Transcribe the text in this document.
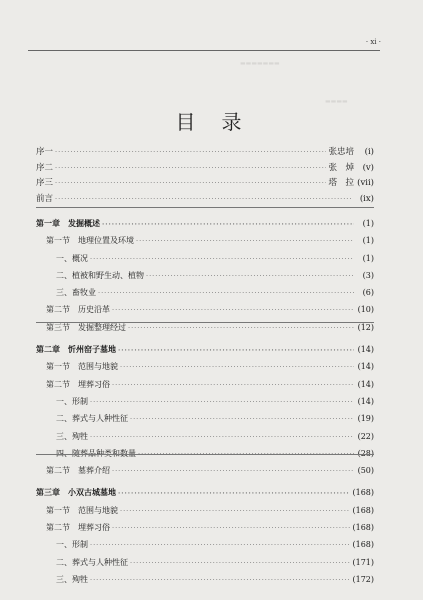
· xi ·
▬▬▬▬▬▬▬
▬▬▬▬
目录
序一 ·····	张忠培	(i)
序二 ·····	张　焯	(v)
序三 ·····	塔　拉 (vii)
前言 ·····	(ix)
第一章　发掘概述 ·····	(1)
第一节　地理位置及环境 ·····	(1)
一、概况 ·····	(1)
二、植被和野生动、植物 ·····	(3)
三、畜牧业 ·····	(6)
第二节　历史沿革 ·····	(10)
第三节　发掘整理经过 ·····	(12)
第二章　忻州窑子墓地 ·····	(14)
第一节　范围与地貌 ·····	(14)
第二节　埋葬习俗 ·····	(14)
一、形制 ·····	(14)
二、葬式与人种性征 ·····	(19)
三、殉牲 ·····	(22)
四、随葬品种类和数量 ·····	(28)
第二节　墓葬介绍 ·····	(50)
第三章　小双古城墓地 ·····	(168)
第一节　范围与地貌 ·····	(168)
第二节　埋葬习俗 ·····	(168)
一、形制 ·····	(168)
二、葬式与人种性征 ·····	(171)
三、殉牲 ·····	(172)
